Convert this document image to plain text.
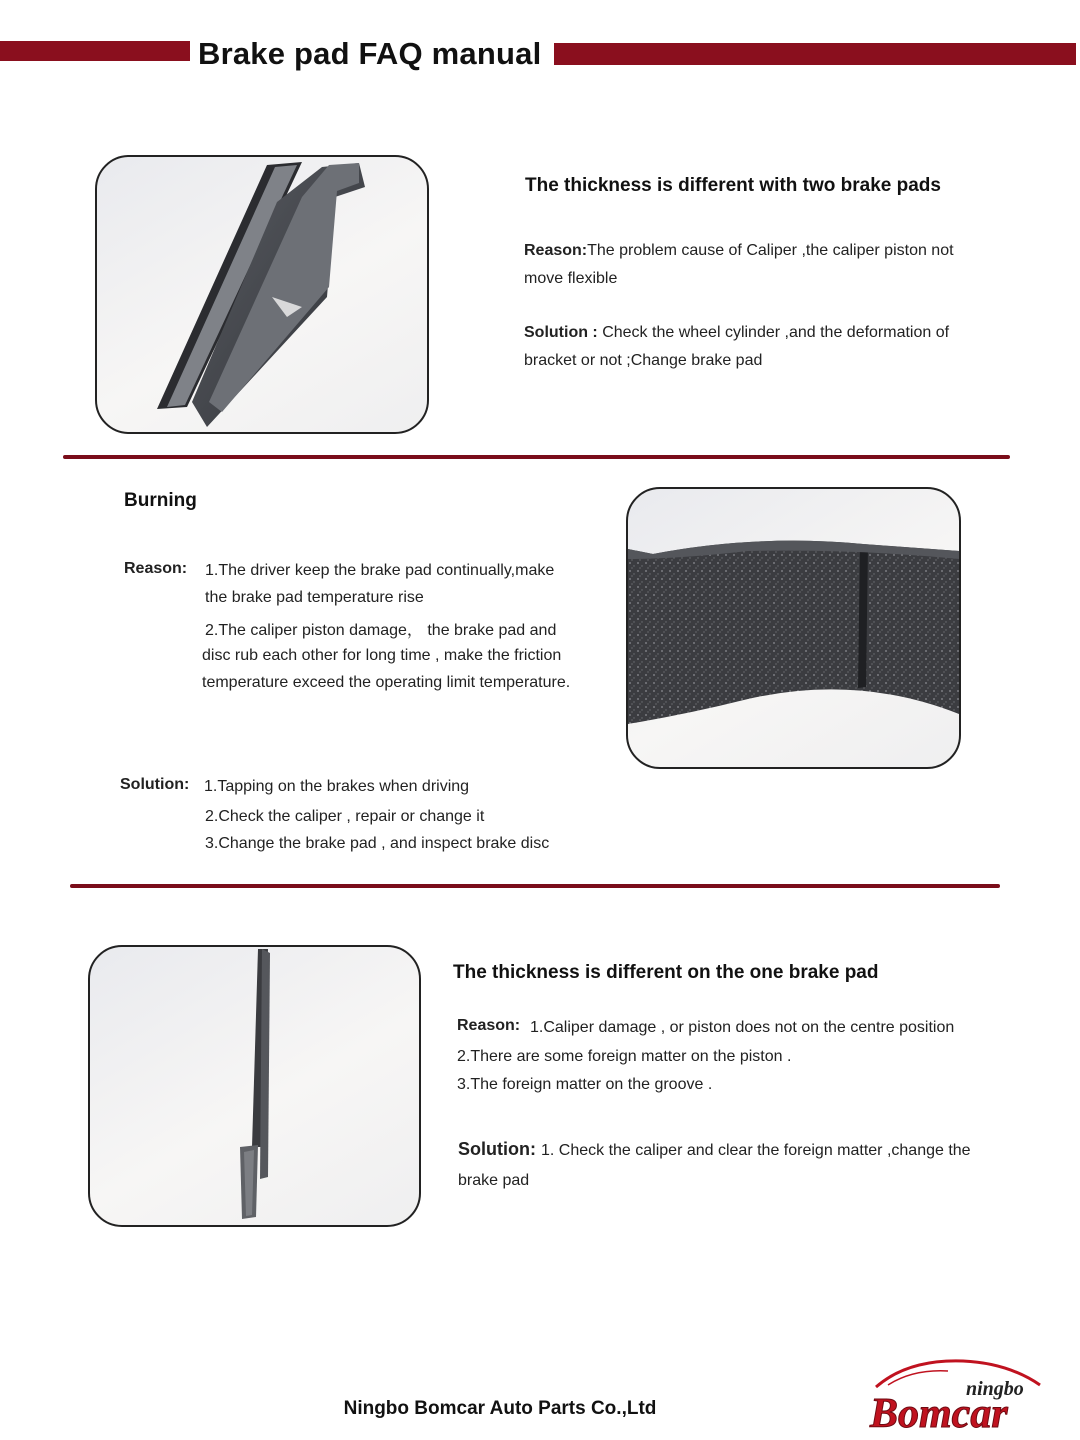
Brake pad FAQ manual
The thickness is different with two brake pads
Reason:The problem cause of Caliper ,the caliper piston not move flexible
Solution : Check the wheel cylinder ,and the deformation of bracket or not ;Change brake pad
Burning
Reason: 1.The driver keep the brake pad continually,make
the brake pad temperature rise
2.The caliper piston damage， the brake pad and
disc rub each other for long time , make the friction
temperature exceed the operating limit temperature.
Solution: 1.Tapping on the brakes when driving
2.Check the caliper , repair or change it
3.Change the brake pad , and inspect brake disc
The thickness is different on the one brake pad
Reason: 1.Caliper damage , or piston does not on the centre position
2.There are some foreign matter on the piston .
3.The foreign matter on the groove .
Solution: 1. Check the caliper and clear the foreign matter ,change the brake pad
Ningbo Bomcar Auto Parts Co.,Ltd
ningbo
Bomcar
